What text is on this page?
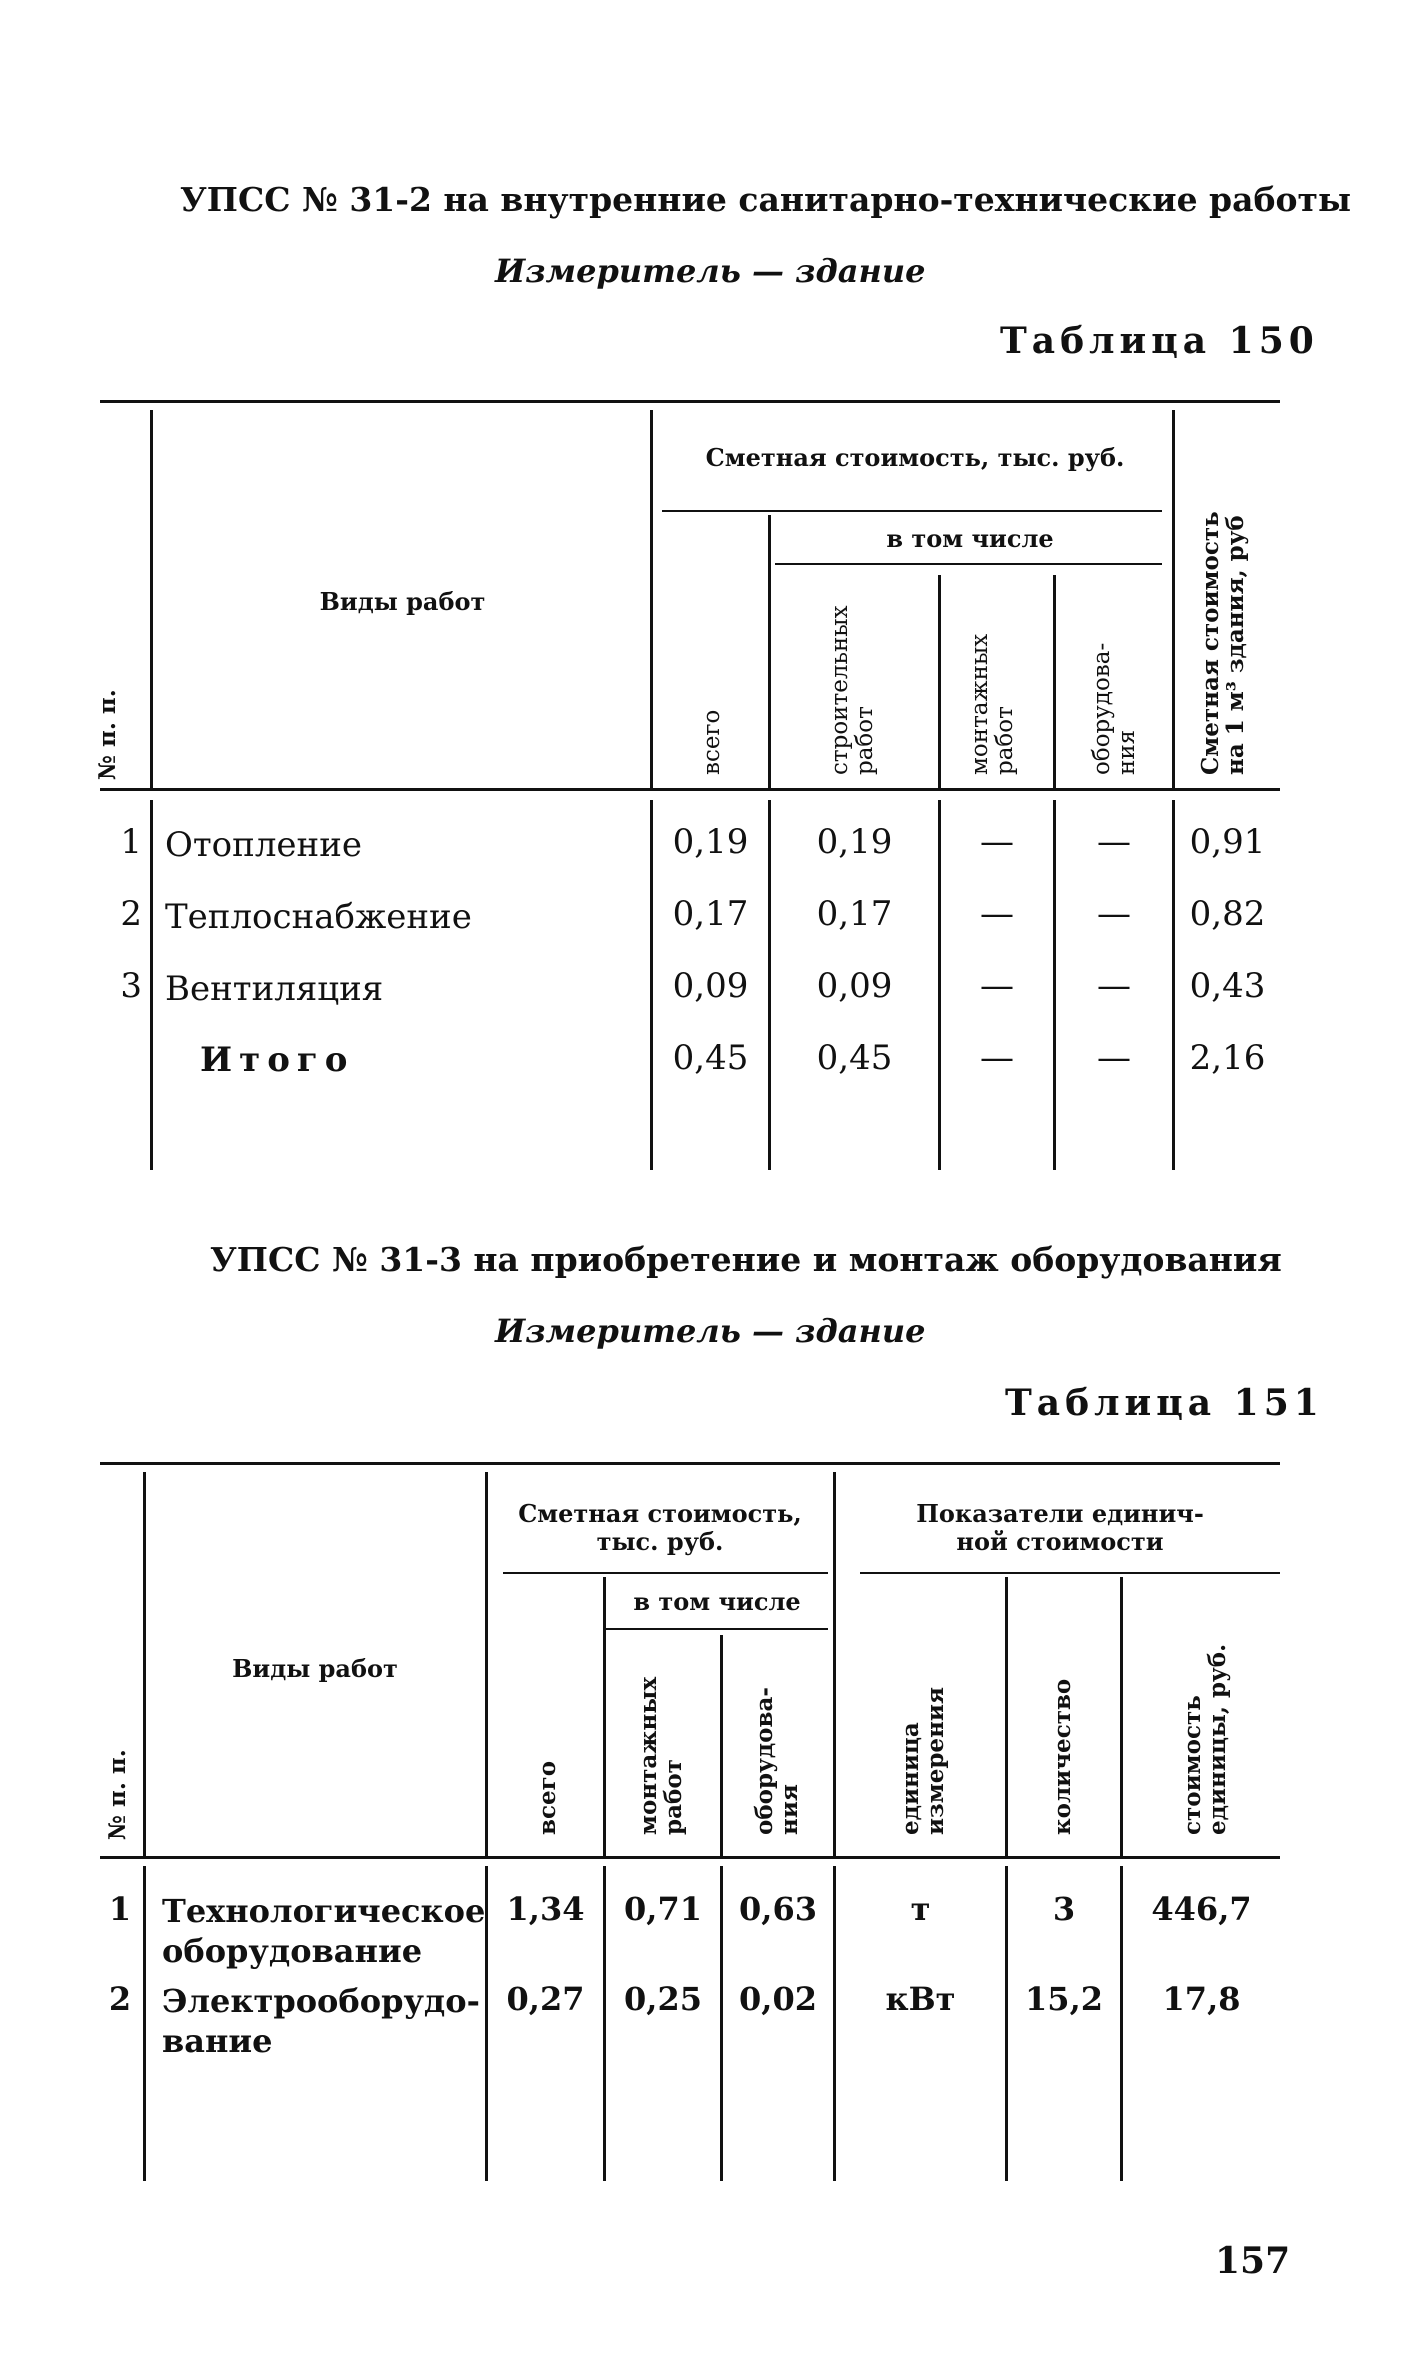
УПСС № 31-2 на внутренние санитарно-технические работы
Измеритель — здание
Таблица 150
№ п. п.
Виды работ
Сметная стоимость, тыс. руб.
в том числе
всего	строительных работ	монтажных работ	оборудова-ния Сметная стоимость
на 1 м³ здания, руб
1 Отопление	0,19	0,19	—	—	0,91
2 Теплоснабжение	0,17	0,17	—	—	0,82
3 Вентиляция	0,09	0,09	—	—	0,43
Итого	0,45	0,45	—	—	2,16
УПСС № 31-3 на приобретение и монтаж оборудования
Измеритель — здание
Таблица 151
№ п. п.
Виды работ
Сметная стоимость,
тыс. руб.
в том числе
Показатели единич-
ной стоимости
всего	монтажных работ	оборудова-ния	единица измерения	количество	стоимость единицы, руб.
1 Технологическое
оборудование
1,34	0,71	0,63	т	3	446,7
2 Электрооборудо-
вание
0,27	0,25	0,02	кВт	15,2	17,8
157
